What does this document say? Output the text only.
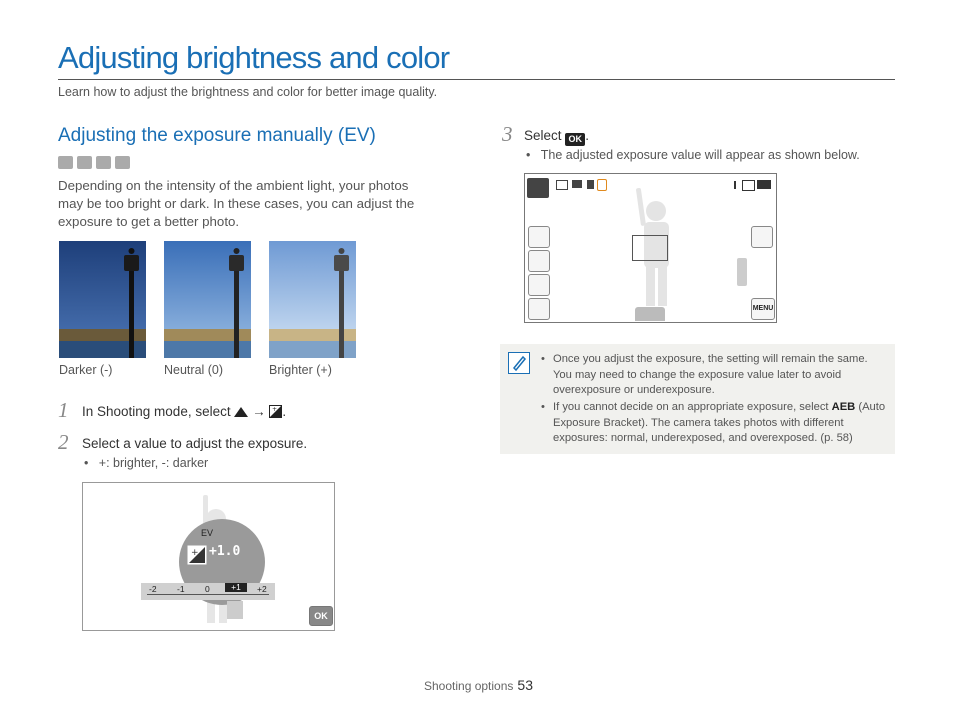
Adjusting brightness and color
Learn how to adjust the brightness and color for better image quality.
Adjusting the exposure manually (EV)
Depending on the intensity of the ambient light, your photos may be too bright or dark. In these cases, you can adjust the exposure to get a better photo.
Darker (-)	Neutral (0)	Brighter (+)
1 In Shooting mode, select → + .
2 Select a value to adjust the exposure.
•   +: brighter, -: darker
EV
+ +1.0
-2 -1 0	+1	+2
OK
3 Select OK .
•   The adjusted exposure value will appear as shown below.
MENU
• Once you adjust the exposure, the setting will remain the same. You may need to change the exposure value later to avoid overexposure or underexposure.
• If you cannot decide on an appropriate exposure, select AEB (Auto Exposure Bracket). The camera takes photos with different exposures: normal, underexposed, and overexposed. (p. 58)
Shooting options 53
